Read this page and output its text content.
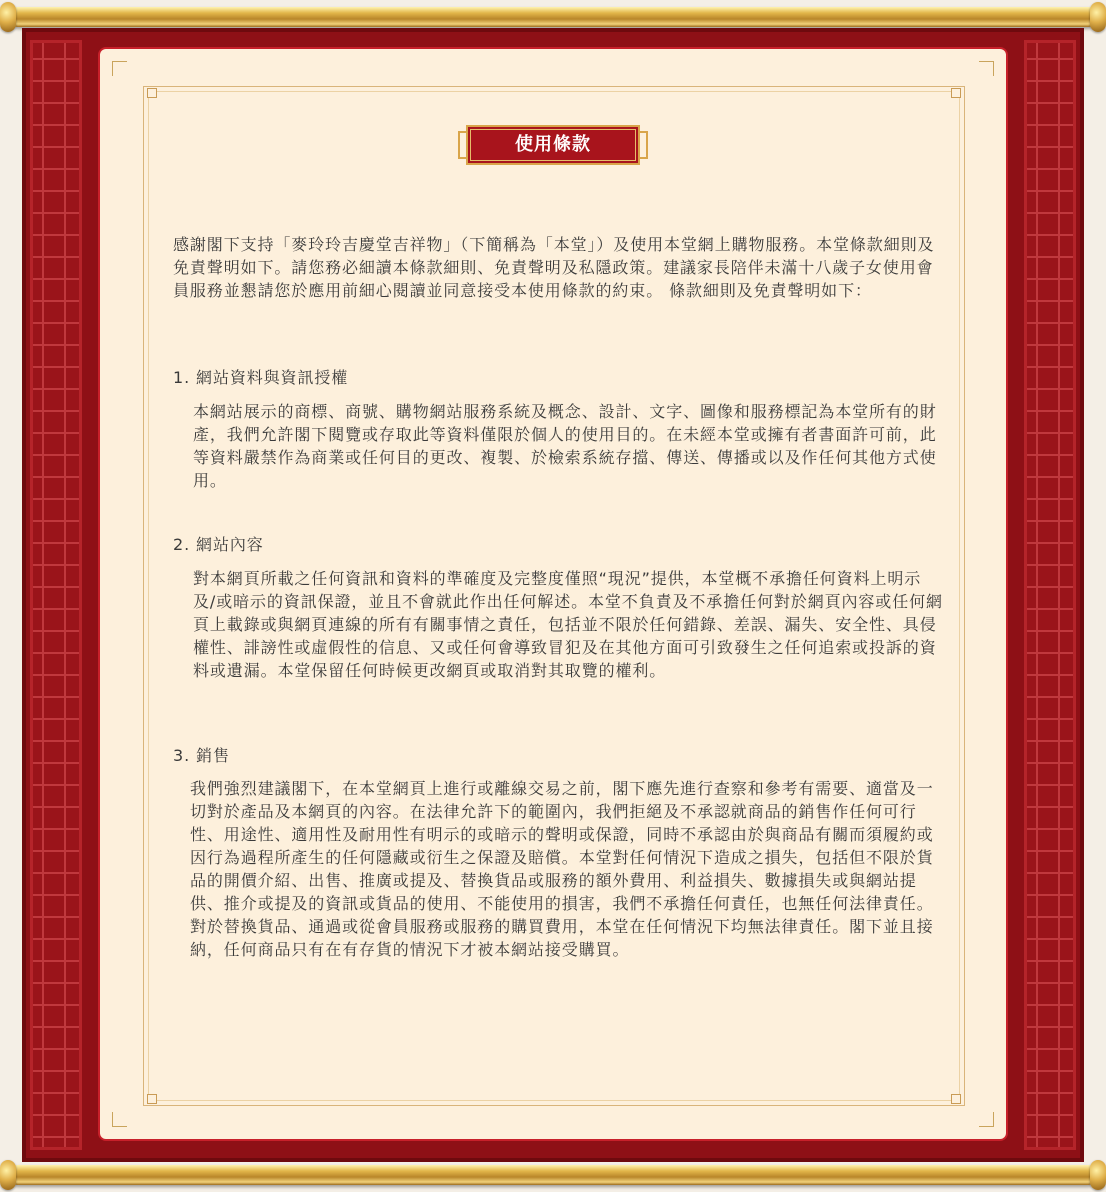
使用條款

感謝閣下支持「麥玲玲吉慶堂吉祥物」（下簡稱為「本堂」）及使用本堂網上購物服務。本堂條款細則及免責聲明如下。請您務必細讀本條款細則、免責聲明及私隱政策。建議家長陪伴未滿十八歲子女使用會員服務並懇請您於應用前細心閱讀並同意接受本使用條款的約束。 條款細則及免責聲明如下：

1. 網站資料與資訊授權

本網站展示的商標、商號、購物網站服務系統及概念、設計、文字、圖像和服務標記為本堂所有的財產，我們允許閣下閱覽或存取此等資料僅限於個人的使用目的。在未經本堂或擁有者書面許可前，此等資料嚴禁作為商業或任何目的更改、複製、於檢索系統存擋、傳送、傳播或以及作任何其他方式使用。

2. 網站內容

對本網頁所載之任何資訊和資料的準確度及完整度僅照“現況”提供，本堂概不承擔任何資料上明示及/或暗示的資訊保證，並且不會就此作出任何解述。本堂不負責及不承擔任何對於網頁內容或任何網頁上載錄或與網頁連線的所有有關事情之責任，包括並不限於任何錯錄、差誤、漏失、安全性、具侵權性、誹謗性或虛假性的信息、又或任何會導致冒犯及在其他方面可引致發生之任何追索或投訴的資料或遺漏。本堂保留任何時候更改網頁或取消對其取覽的權利。

3. 銷售

我們強烈建議閣下，在本堂網頁上進行或離線交易之前，閣下應先進行查察和參考有需要、適當及一切對於產品及本網頁的內容。在法律允許下的範圍內，我們拒絕及不承認就商品的銷售作任何可行性、用途性、適用性及耐用性有明示的或暗示的聲明或保證，同時不承認由於與商品有關而須履約或因行為過程所產生的任何隱藏或衍生之保證及賠償。本堂對任何情況下造成之損失，包括但不限於貨品的開價介紹、出售、推廣或提及、替換貨品或服務的額外費用、利益損失、數據損失或與網站提供、推介或提及的資訊或貨品的使用、不能使用的損害，我們不承擔任何責任，也無任何法律責任。對於替換貨品、通過或從會員服務或服務的購買費用，本堂在任何情況下均無法律責任。閣下並且接納，任何商品只有在有存貨的情況下才被本網站接受購買。
